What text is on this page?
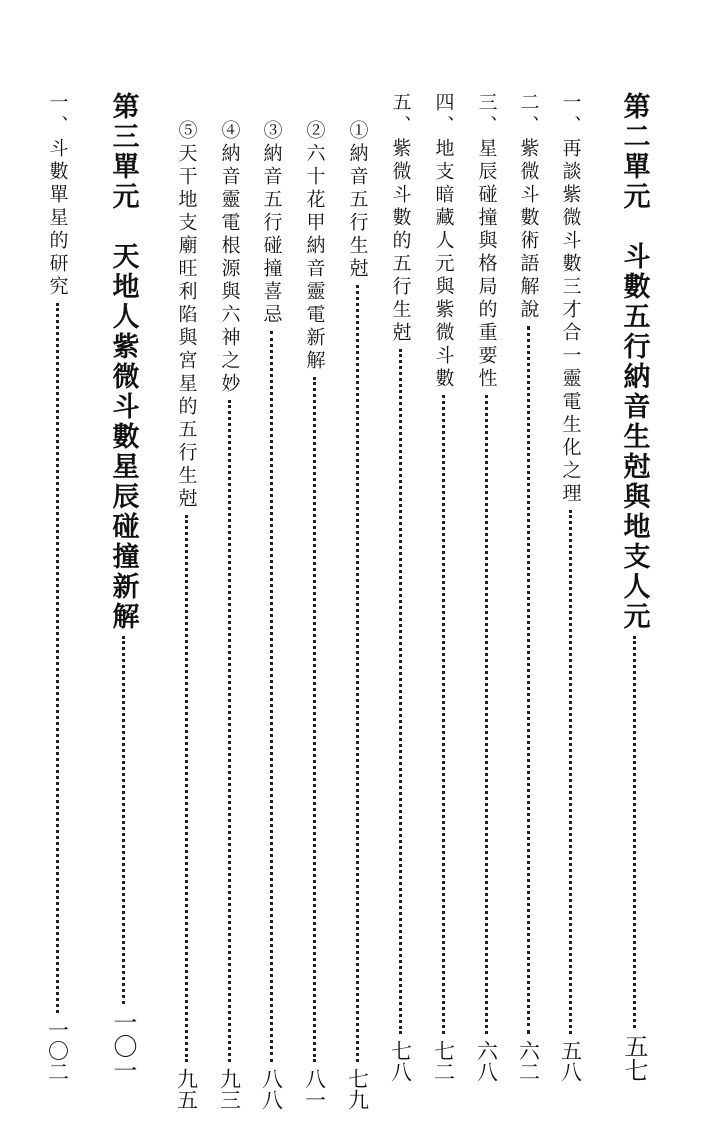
第二單元　斗數五行納音生尅與地支人元
五七
一、再談紫微斗數三才合一靈電生化之理
五八
二、紫微斗數術語解說
六二
三、星辰碰撞與格局的重要性
六八
四、地支暗藏人元與紫微斗數
七二
五、紫微斗數的五行生尅
七八
①納音五行生尅
七九
②六十花甲納音靈電新解
八一
③納音五行碰撞喜忌
八八
④納音靈電根源與六神之妙
九三
⑤天干地支廟旺利陷與宮星的五行生尅
九五
第三單元　天地人紫微斗數星辰碰撞新解
一〇一
一、斗數單星的研究
一〇二
